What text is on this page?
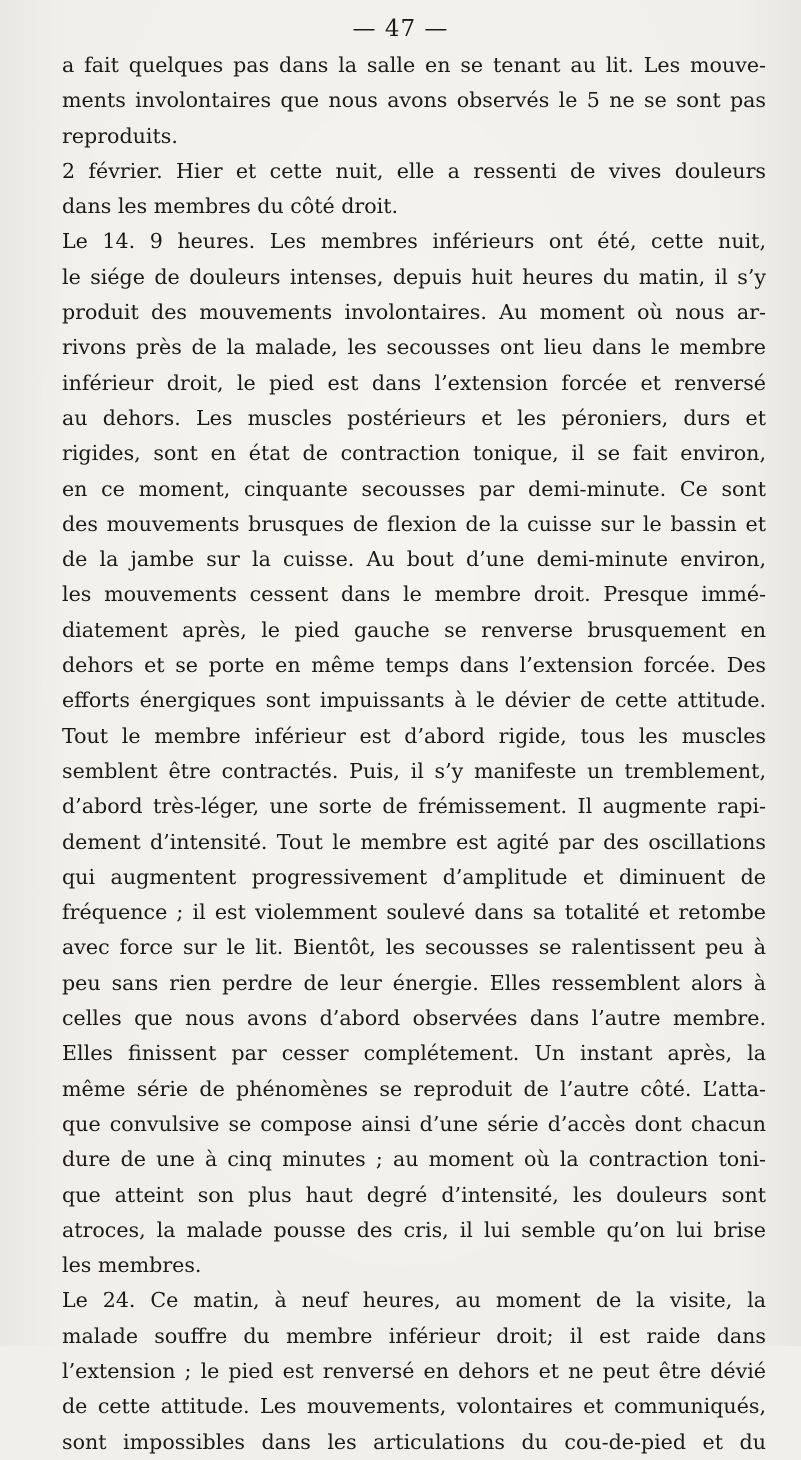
— 47 —
a fait quelques pas dans la salle en se tenant au lit. Les mouve-
ments involontaires que nous avons observés le 5 ne se sont pas
reproduits.
2 février. Hier et cette nuit, elle a ressenti de vives douleurs
dans les membres du côté droit.
Le 14. 9 heures. Les membres inférieurs ont été, cette nuit,
le siége de douleurs intenses, depuis huit heures du matin, il s’y
produit des mouvements involontaires. Au moment où nous ar-
rivons près de la malade, les secousses ont lieu dans le membre
inférieur droit, le pied est dans l’extension forcée et renversé
au dehors. Les muscles postérieurs et les péroniers, durs et
rigides, sont en état de contraction tonique, il se fait environ,
en ce moment, cinquante secousses par demi-minute. Ce sont
des mouvements brusques de flexion de la cuisse sur le bassin et
de la jambe sur la cuisse. Au bout d’une demi-minute environ,
les mouvements cessent dans le membre droit. Presque immé-
diatement après, le pied gauche se renverse brusquement en
dehors et se porte en même temps dans l’extension forcée. Des
efforts énergiques sont impuissants à le dévier de cette attitude.
Tout le membre inférieur est d’abord rigide, tous les muscles
semblent être contractés. Puis, il s’y manifeste un tremblement,
d’abord très-léger, une sorte de frémissement. Il augmente rapi-
dement d’intensité. Tout le membre est agité par des oscillations
qui augmentent progressivement d’amplitude et diminuent de
fréquence ; il est violemment soulevé dans sa totalité et retombe
avec force sur le lit. Bientôt, les secousses se ralentissent peu à
peu sans rien perdre de leur énergie. Elles ressemblent alors à
celles que nous avons d’abord observées dans l’autre membre.
Elles finissent par cesser complétement. Un instant après, la
même série de phénomènes se reproduit de l’autre côté. L’atta-
que convulsive se compose ainsi d’une série d’accès dont chacun
dure de une à cinq minutes ; au moment où la contraction toni-
que atteint son plus haut degré d’intensité, les douleurs sont
atroces, la malade pousse des cris, il lui semble qu’on lui brise
les membres.
Le 24. Ce matin, à neuf heures, au moment de la visite, la
malade souffre du membre inférieur droit; il est raide dans
l’extension ; le pied est renversé en dehors et ne peut être dévié
de cette attitude. Les mouvements, volontaires et communiqués,
sont impossibles dans les articulations du cou-de-pied et du
